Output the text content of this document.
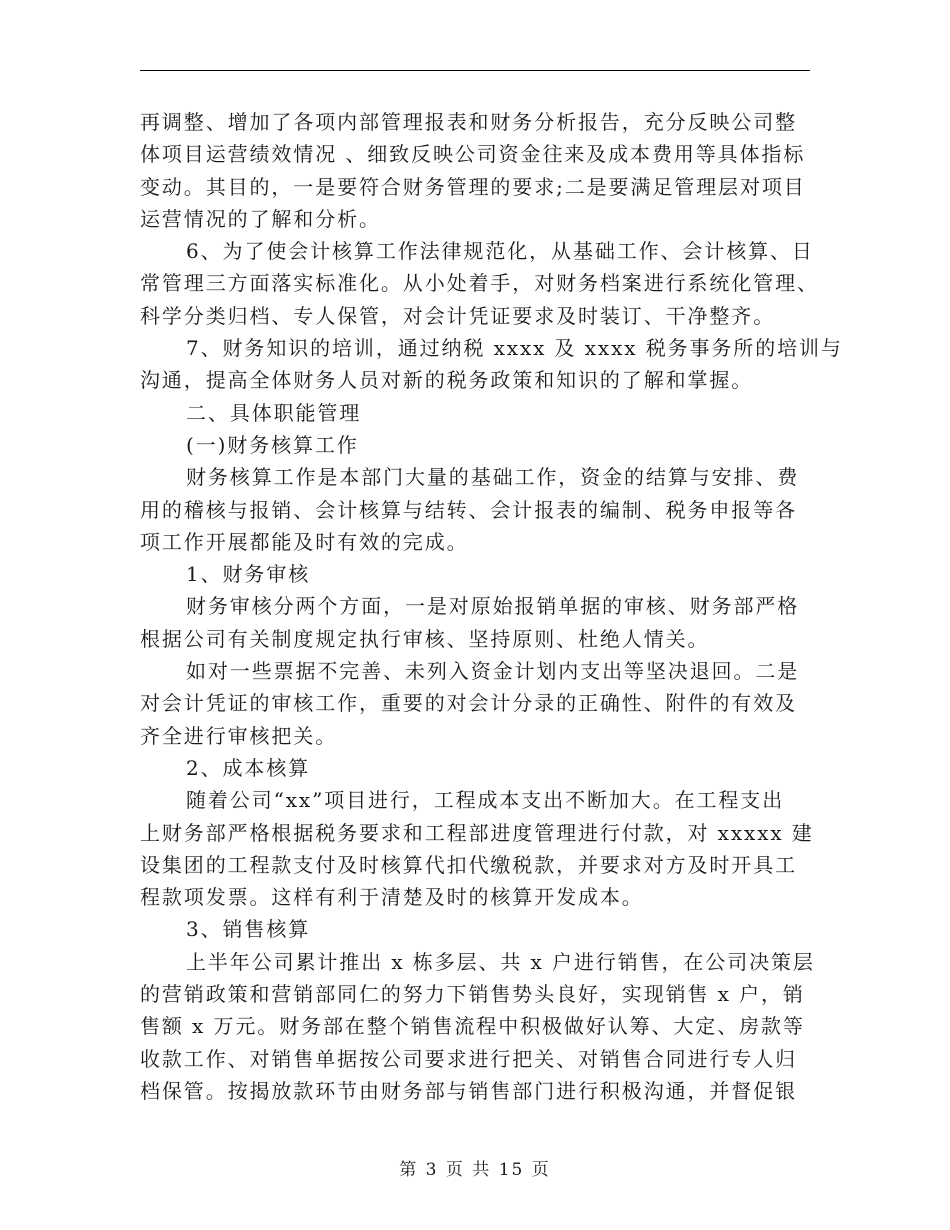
再调整、增加了各项内部管理报表和财务分析报告，充分反映公司整
体项目运营绩效情况 、细致反映公司资金往来及成本费用等具体指标
变动。其目的，一是要符合财务管理的要求;二是要满足管理层对项目
运营情况的了解和分析。
6、为了使会计核算工作法律规范化，从基础工作、会计核算、日
常管理三方面落实标准化。从小处着手，对财务档案进行系统化管理、
科学分类归档、专人保管，对会计凭证要求及时装订、干净整齐。
7、财务知识的培训，通过纳税 xxxx 及 xxxx 税务事务所的培训与
沟通，提高全体财务人员对新的税务政策和知识的了解和掌握。
二、具体职能管理
(一)财务核算工作
财务核算工作是本部门大量的基础工作，资金的结算与安排、费
用的稽核与报销、会计核算与结转、会计报表的编制、税务申报等各
项工作开展都能及时有效的完成。
1、财务审核
财务审核分两个方面，一是对原始报销单据的审核、财务部严格
根据公司有关制度规定执行审核、坚持原则、杜绝人情关。
如对一些票据不完善、未列入资金计划内支出等坚决退回。二是
对会计凭证的审核工作，重要的对会计分录的正确性、附件的有效及
齐全进行审核把关。
2、成本核算
随着公司“xx”项目进行，工程成本支出不断加大。在工程支出
上财务部严格根据税务要求和工程部进度管理进行付款，对 xxxxx 建
设集团的工程款支付及时核算代扣代缴税款，并要求对方及时开具工
程款项发票。这样有利于清楚及时的核算开发成本。
3、销售核算
上半年公司累计推出 x 栋多层、共 x 户进行销售，在公司决策层
的营销政策和营销部同仁的努力下销售势头良好，实现销售 x 户，销
售额 x 万元。财务部在整个销售流程中积极做好认筹、大定、房款等
收款工作、对销售单据按公司要求进行把关、对销售合同进行专人归
档保管。按揭放款环节由财务部与销售部门进行积极沟通，并督促银
第 3 页 共 15 页
